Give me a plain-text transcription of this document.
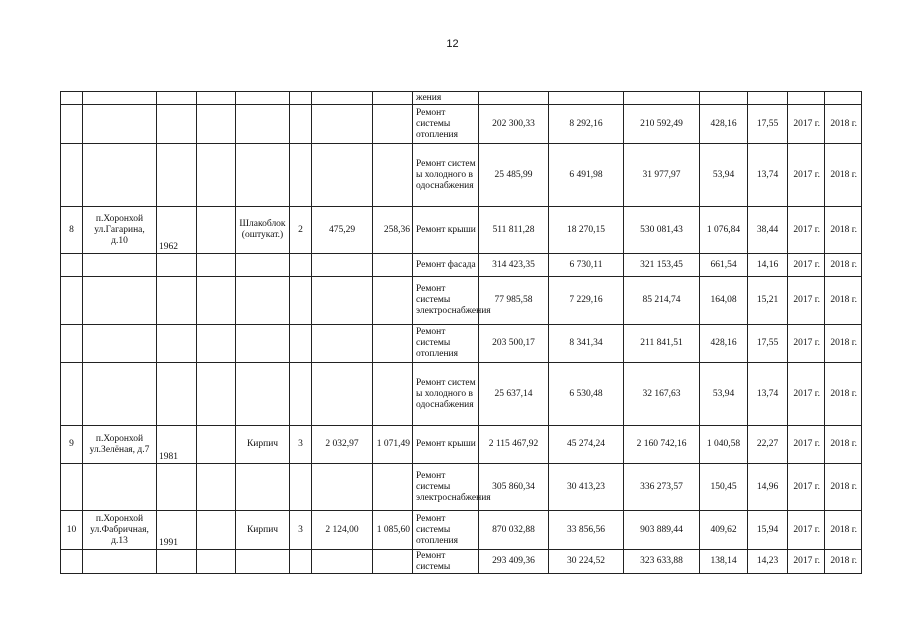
12
								жения							
								Ремонт системы отопления	202 300,33	8 292,16	210 592,49	428,16	17,55	2017 г.	2018 г.
								Ремонт системы холодного водоснабжения	25 485,99	6 491,98	31 977,97	53,94	13,74	2017 г.	2018 г.
8	п.Хоронхой ул.Гагарина, д.10	1962		Шлакоблок (оштукат.)	2	475,29	258,36	Ремонт крыши	511 811,28	18 270,15	530 081,43	1 076,84	38,44	2017 г.	2018 г.
								Ремонт фасада	314 423,35	6 730,11	321 153,45	661,54	14,16	2017 г.	2018 г.
								Ремонт системы электроснабжения	77 985,58	7 229,16	85 214,74	164,08	15,21	2017 г.	2018 г.
								Ремонт системы отопления	203 500,17	8 341,34	211 841,51	428,16	17,55	2017 г.	2018 г.
								Ремонт системы холодного водоснабжения	25 637,14	6 530,48	32 167,63	53,94	13,74	2017 г.	2018 г.
9	п.Хоронхой ул.Зелёная, д.7	1981		Кирпич	3	2 032,97	1 071,49	Ремонт крыши	2 115 467,92	45 274,24	2 160 742,16	1 040,58	22,27	2017 г.	2018 г.
								Ремонт системы электроснабжения	305 860,34	30 413,23	336 273,57	150,45	14,96	2017 г.	2018 г.
10	п.Хоронхой ул.Фабричная, д.13	1991		Кирпич	3	2 124,00	1 085,60	Ремонт системы отопления	870 032,88	33 856,56	903 889,44	409,62	15,94	2017 г.	2018 г.
								Ремонт системы	293 409,36	30 224,52	323 633,88	138,14	14,23	2017 г.	2018 г.
